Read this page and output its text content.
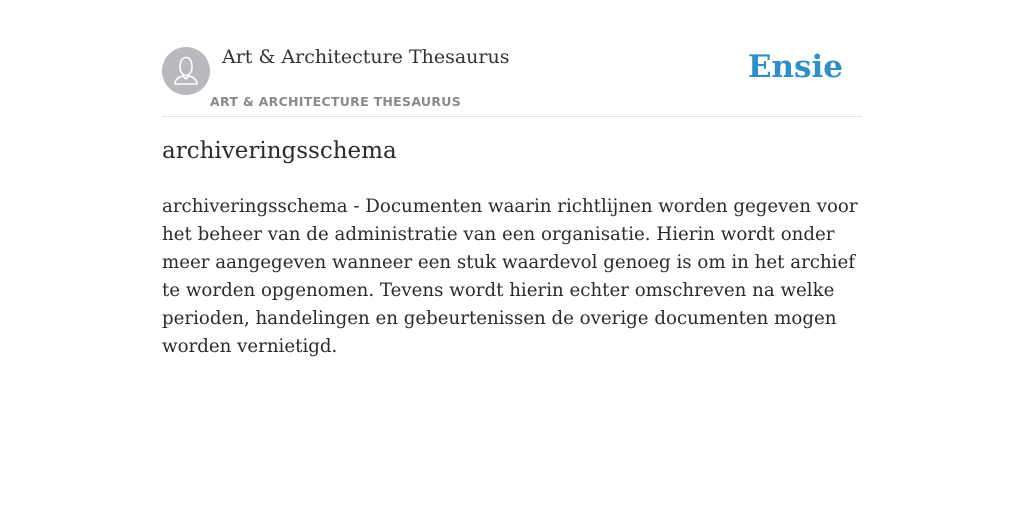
Art & Architecture Thesaurus
ART & ARCHITECTURE THESAURUS
Ensie
archiveringsschema

archiveringsschema - Documenten waarin richtlijnen worden gegeven voor het beheer van de administratie van een organisatie. Hierin wordt onder meer aangegeven wanneer een stuk waardevol genoeg is om in het archief te worden opgenomen. Tevens wordt hierin echter omschreven na welke perioden, handelingen en gebeurtenissen de overige documenten mogen worden vernietigd.
